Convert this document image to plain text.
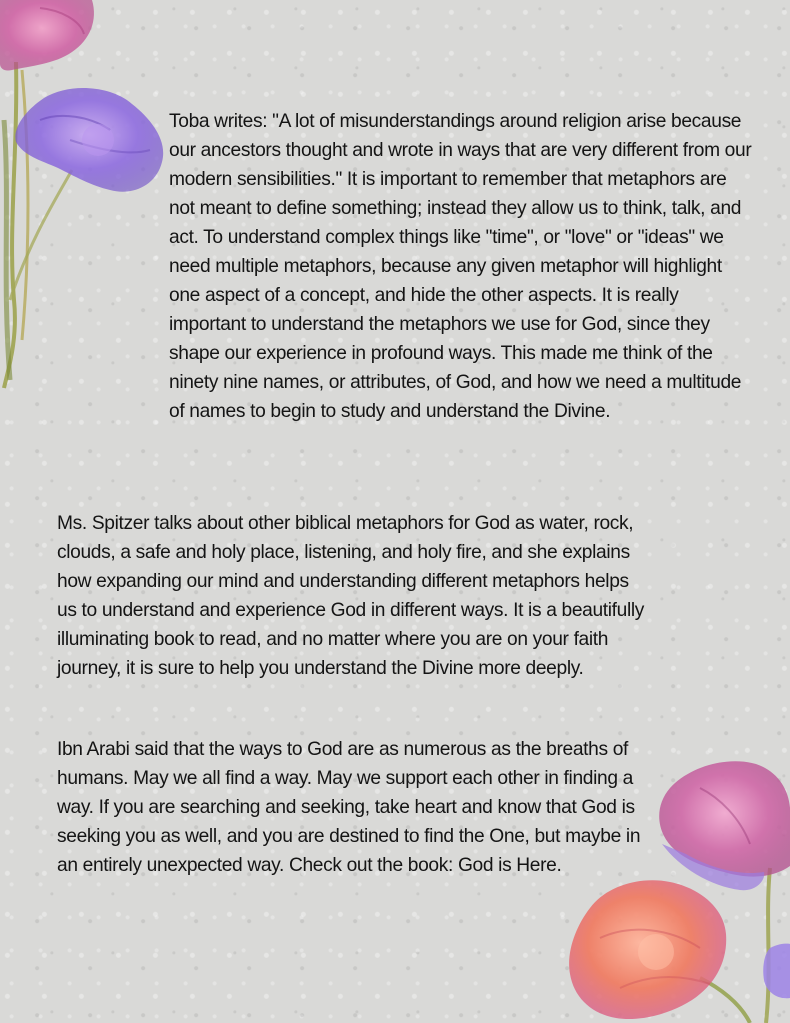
Toba writes: "A lot of misunderstandings around religion arise because our ancestors thought and wrote in ways that are very different from our modern sensibilities." It is important to remember that metaphors are not meant to define something; instead they allow us to think, talk, and act. To understand complex things like "time", or "love" or "ideas" we need multiple metaphors, because any given metaphor will highlight one aspect of a concept, and hide the other aspects. It is really important to understand the metaphors we use for God, since they shape our experience in profound ways. This made me think of the ninety nine names, or attributes, of God, and how we need a multitude of names to begin to study and understand the Divine.

Ms. Spitzer talks about other biblical metaphors for God as water, rock, clouds, a safe and holy place, listening, and holy fire, and she explains how expanding our mind and understanding different metaphors helps us to understand and experience God in different ways. It is a beautifully illuminating book to read, and no matter where you are on your faith journey, it is sure to help you understand the Divine more deeply.

Ibn Arabi said that the ways to God are as numerous as the breaths of humans. May we all find a way. May we support each other in finding a way. If you are searching and seeking, take heart and know that God is seeking you as well, and you are destined to find the One, but maybe in an entirely unexpected way. Check out the book: God is Here.
